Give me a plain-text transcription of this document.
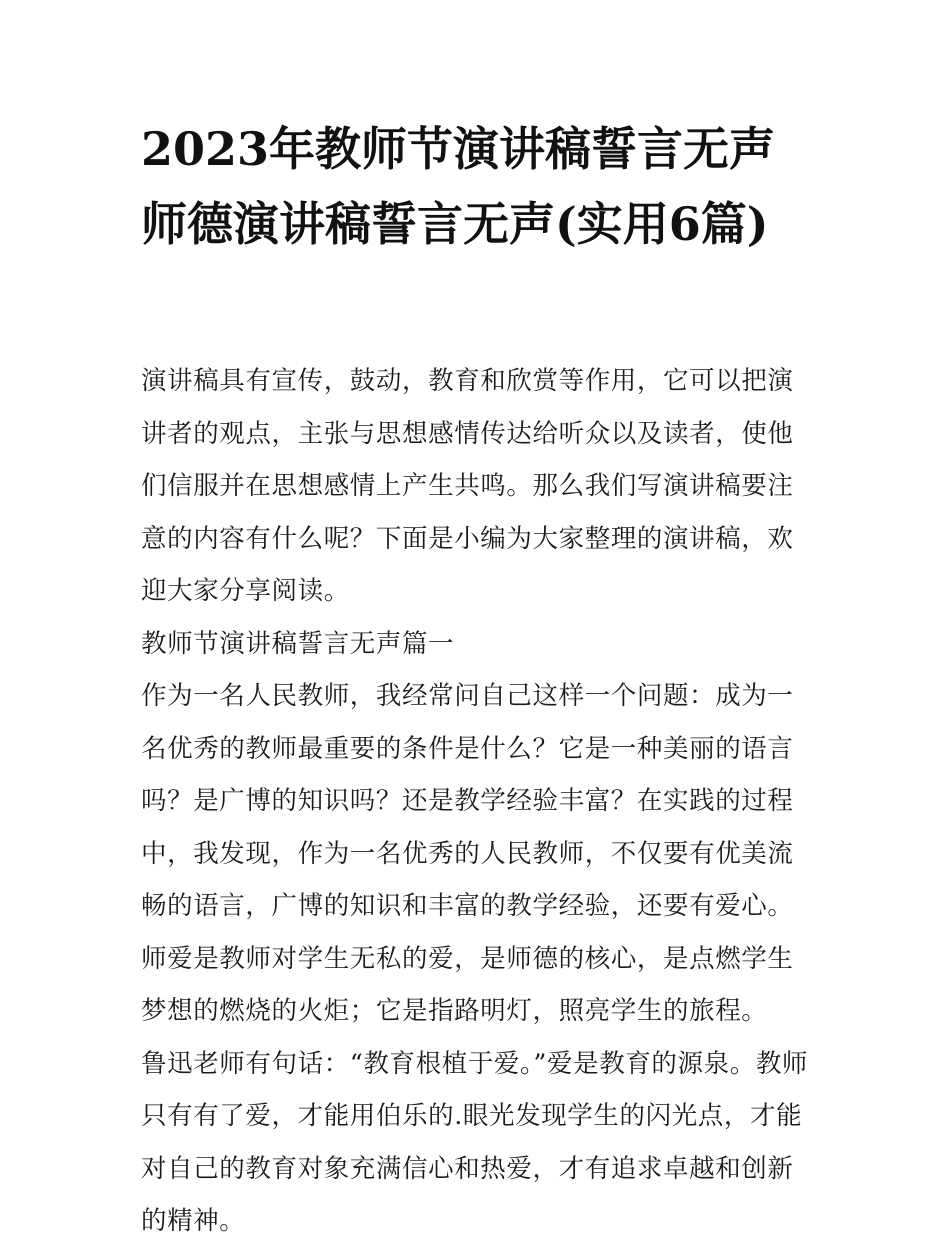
2023年教师节演讲稿誓言无声师德演讲稿誓言无声(实用6篇)

演讲稿具有宣传，鼓动，教育和欣赏等作用，它可以把演讲者的观点，主张与思想感情传达给听众以及读者，使他们信服并在思想感情上产生共鸣。那么我们写演讲稿要注意的内容有什么呢？下面是小编为大家整理的演讲稿，欢迎大家分享阅读。

教师节演讲稿誓言无声篇一

作为一名人民教师，我经常问自己这样一个问题：成为一名优秀的教师最重要的条件是什么？它是一种美丽的语言吗？是广博的知识吗？还是教学经验丰富？在实践的过程中，我发现，作为一名优秀的人民教师，不仅要有优美流畅的语言，广博的知识和丰富的教学经验，还要有爱心。

师爱是教师对学生无私的爱，是师德的核心，是点燃学生梦想的燃烧的火炬；它是指路明灯，照亮学生的旅程。

鲁迅老师有句话：“教育根植于爱。”爱是教育的源泉。教师只有有了爱，才能用伯乐的.眼光发现学生的闪光点，才能对自己的教育对象充满信心和热爱，才有追求卓越和创新的精神。
